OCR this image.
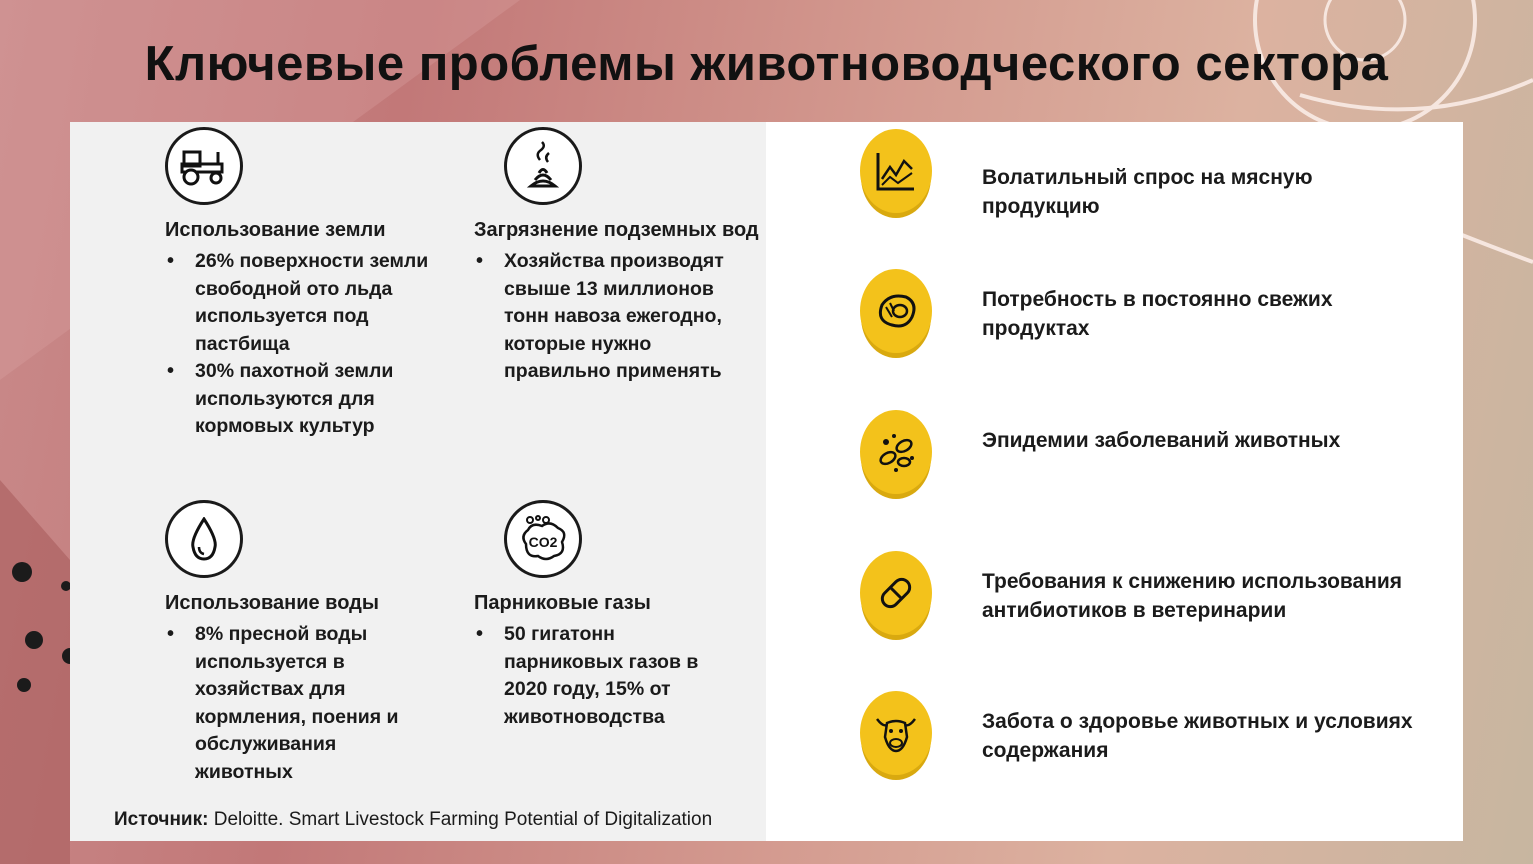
Ключевые проблемы животноводческого сектора
Использование земли
• 26% поверхности земли свободной ото льда используется под пастбища
• 30% пахотной земли используются для кормовых культур
Загрязнение подземных вод
• Хозяйства производят свыше 13 миллионов тонн навоза ежегодно, которые нужно правильно применять
Использование воды
• 8% пресной воды используется в хозяйствах для кормления, поения и обслуживания животных
CO2
Парниковые газы
• 50 гигатонн парниковых газов в 2020 году, 15% от животноводства
Источник: Deloitte. Smart Livestock Farming Potential of Digitalization
Волатильный спрос на мясную продукцию
Потребность в постоянно свежих продуктах
Эпидемии заболеваний животных
Требования к снижению использования антибиотиков в ветеринарии
Забота о здоровье животных и условиях содержания
